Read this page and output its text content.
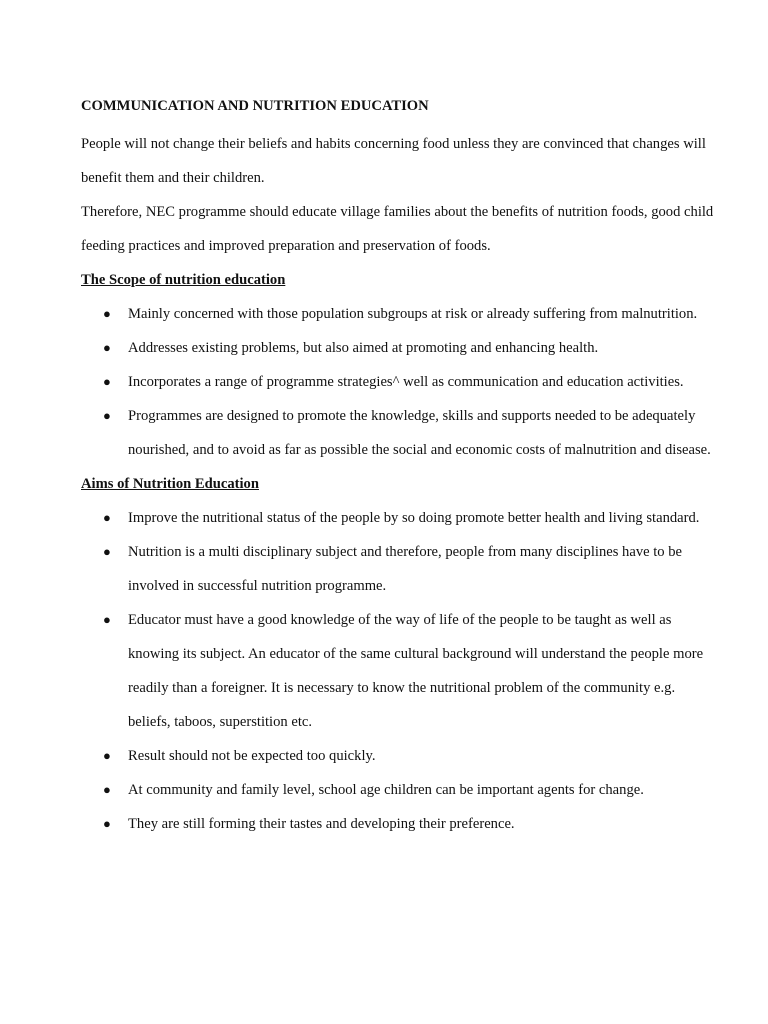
COMMUNICATION AND NUTRITION EDUCATION

People will not change their beliefs and habits concerning food unless they are convinced that changes will benefit them and their children.

Therefore, NEC programme should educate village families about the benefits of nutrition foods, good child feeding practices and improved preparation and preservation of foods.

The Scope of nutrition education

● Mainly concerned with those population subgroups at risk or already suffering from malnutrition.
● Addresses existing problems, but also aimed at promoting and enhancing health.
● Incorporates a range of programme strategies^ well as communication and education activities.
● Programmes are designed to promote the knowledge, skills and supports needed to be adequately nourished, and to avoid as far as possible the social and economic costs of malnutrition and disease.

Aims of Nutrition Education

● Improve the nutritional status of the people by so doing promote better health and living standard.
● Nutrition is a multi disciplinary subject and therefore, people from many disciplines have to be involved in successful nutrition programme.
● Educator must have a good knowledge of the way of life of the people to be taught as well as knowing its subject. An educator of the same cultural background will understand the people more readily than a foreigner. It is necessary to know the nutritional problem of the community e.g. beliefs, taboos, superstition etc.
● Result should not be expected too quickly.
● At community and family level, school age children can be important agents for change.
● They are still forming their tastes and developing their preference.
